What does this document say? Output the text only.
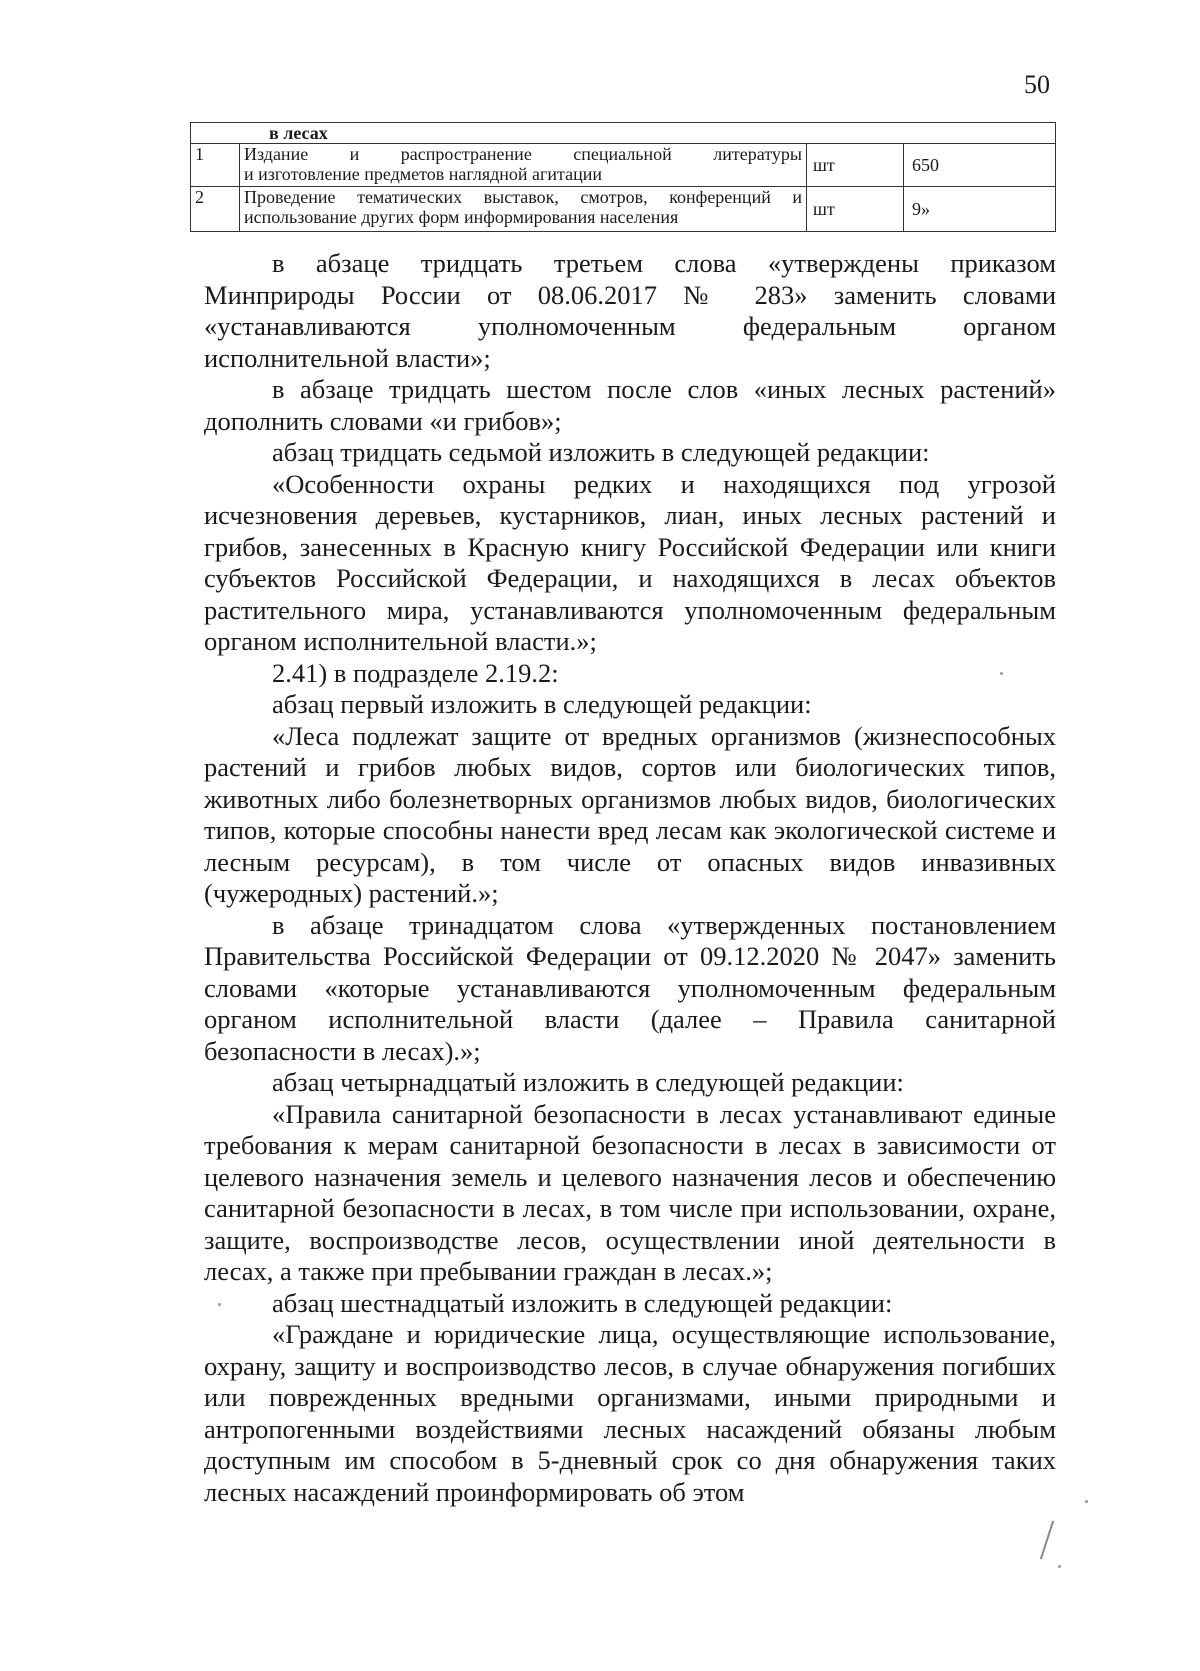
50
в лесах			
1	Издание и распространение специальной литературы
и изготовление предметов наглядной агитации	шт	650
2	Проведение тематических выставок, смотров, конференций и
использование других форм информирования населения	шт	9»

в абзаце тридцать третьем слова «утверждены приказом Минприроды России от 08.06.2017 № 283» заменить словами «устанавливаются уполномоченным федеральным органом исполнительной власти»;

в абзаце тридцать шестом после слов «иных лесных растений» дополнить словами «и грибов»;

абзац тридцать седьмой изложить в следующей редакции:

«Особенности охраны редких и находящихся под угрозой исчезновения деревьев, кустарников, лиан, иных лесных растений и грибов, занесенных в Красную книгу Российской Федерации или книги субъектов Российской Федерации, и находящихся в лесах объектов растительного мира, устанавливаются уполномоченным федеральным органом исполнительной власти.»;

2.41) в подразделе 2.19.2:

абзац первый изложить в следующей редакции:

«Леса подлежат защите от вредных организмов (жизнеспособных растений и грибов любых видов, сортов или биологических типов, животных либо болезнетворных организмов любых видов, биологических типов, которые способны нанести вред лесам как экологической системе и лесным ресурсам), в том числе от опасных видов инвазивных (чужеродных) растений.»;

в абзаце тринадцатом слова «утвержденных постановлением Правительства Российской Федерации от 09.12.2020 № 2047» заменить словами «которые устанавливаются уполномоченным федеральным органом исполнительной власти (далее – Правила санитарной безопасности в лесах).»;

абзац четырнадцатый изложить в следующей редакции:

«Правила санитарной безопасности в лесах устанавливают единые требования к мерам санитарной безопасности в лесах в зависимости от целевого назначения земель и целевого назначения лесов и обеспечению санитарной безопасности в лесах, в том числе при использовании, охране, защите, воспроизводстве лесов, осуществлении иной деятельности в лесах, а также при пребывании граждан в лесах.»;

абзац шестнадцатый изложить в следующей редакции:

«Граждане и юридические лица, осуществляющие использование, охрану, защиту и воспроизводство лесов, в случае обнаружения погибших или поврежденных вредными организмами, иными природными и антропогенными воздействиями лесных насаждений обязаны любым доступным им способом в 5-дневный срок со дня обнаружения таких лесных насаждений проинформировать об этом
